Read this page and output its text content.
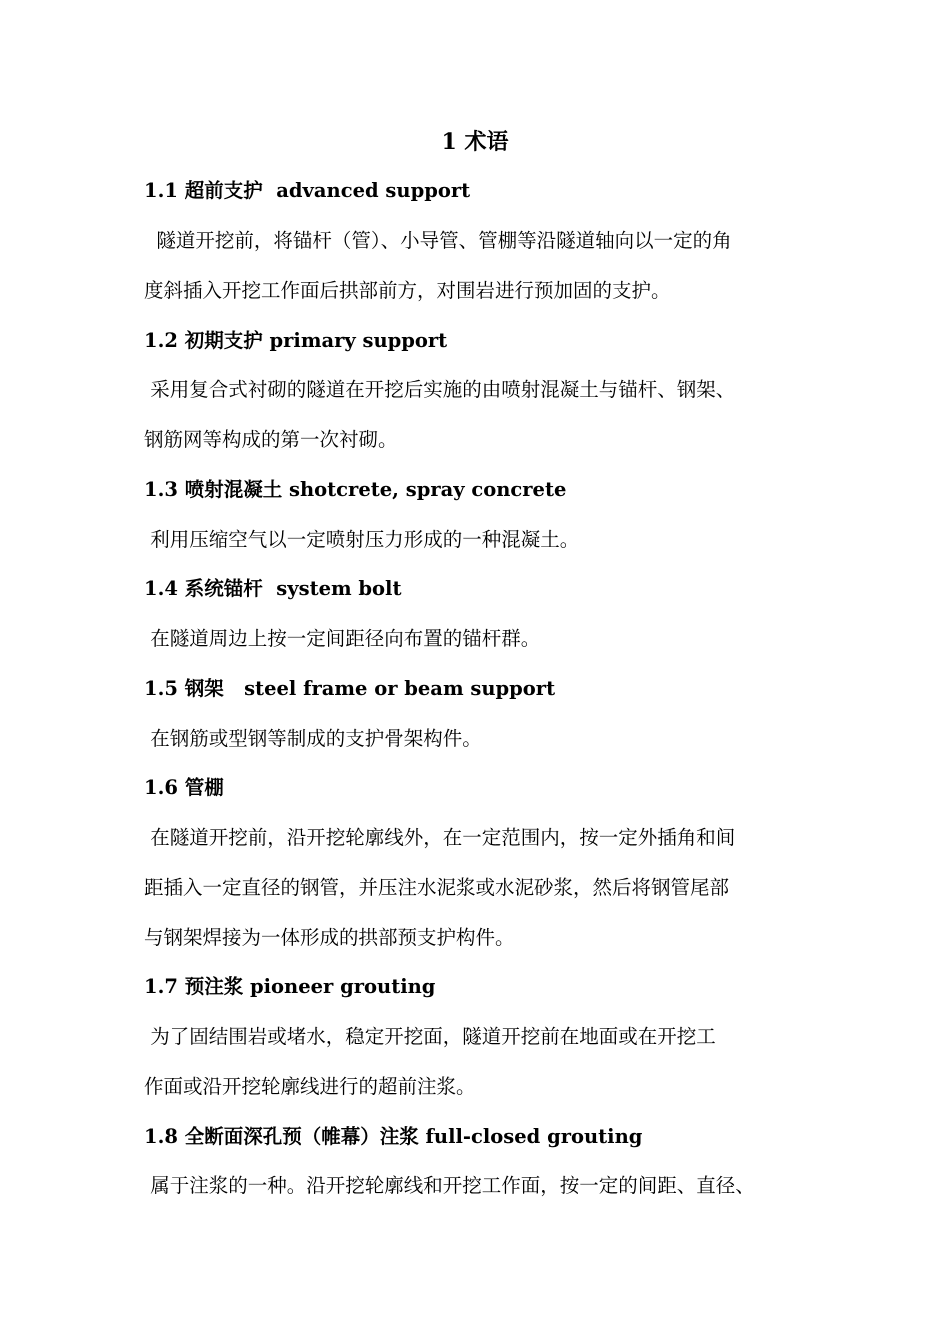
1 术语
1.1 超前支护  advanced support
隧道开挖前，将锚杆（管）、小导管、管棚等沿隧道轴向以一定的角
度斜插入开挖工作面后拱部前方，对围岩进行预加固的支护。
1.2 初期支护 primary support
采用复合式衬砌的隧道在开挖后实施的由喷射混凝土与锚杆、钢架、
钢筋网等构成的第一次衬砌。
1.3 喷射混凝土 shotcrete, spray concrete
利用压缩空气以一定喷射压力形成的一种混凝土。
1.4 系统锚杆  system bolt
在隧道周边上按一定间距径向布置的锚杆群。
1.5 钢架   steel frame or beam support
在钢筋或型钢等制成的支护骨架构件。
1.6 管棚
在隧道开挖前，沿开挖轮廓线外，在一定范围内，按一定外插角和间
距插入一定直径的钢管，并压注水泥浆或水泥砂浆，然后将钢管尾部
与钢架焊接为一体形成的拱部预支护构件。
1.7 预注浆 pioneer grouting
为了固结围岩或堵水，稳定开挖面，隧道开挖前在地面或在开挖工
作面或沿开挖轮廓线进行的超前注浆。
1.8 全断面深孔预（帷幕）注浆 full-closed grouting
属于注浆的一种。沿开挖轮廓线和开挖工作面，按一定的间距、直径、
